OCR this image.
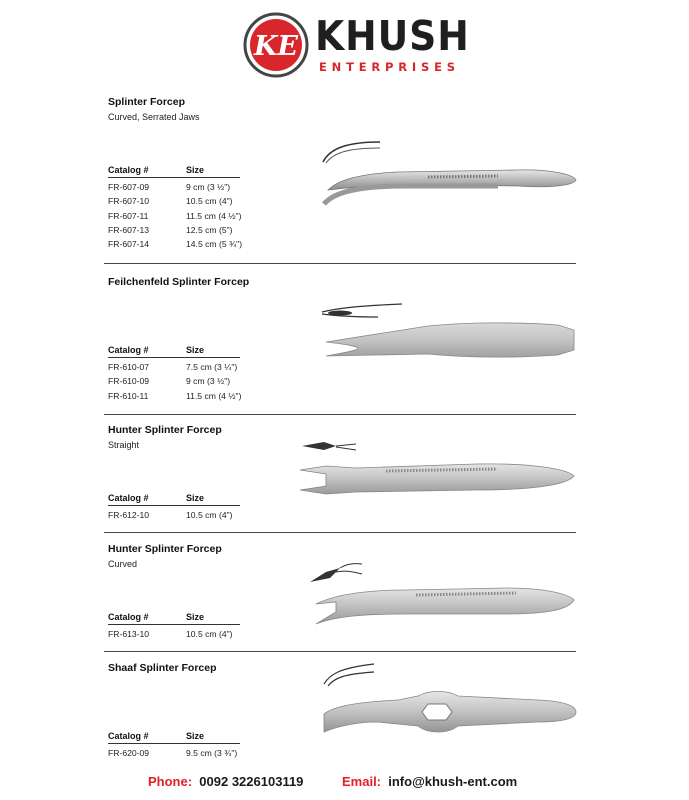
KE KHUSH
ENTERPRISES
Splinter Forcep
Curved, Serrated Jaws
Catalog #	Size
FR-607-09	9 cm (3 ½")
FR-607-10	10.5 cm (4")
FR-607-11	11.5 cm (4 ½")
FR-607-13	12.5 cm (5")
FR-607-14	14.5 cm (5 ¾")
Feilchenfeld Splinter Forcep
Catalog #	Size
FR-610-07	7.5 cm (3 ¼")
FR-610-09	9 cm (3 ½")
FR-610-11	11.5 cm (4 ½")
Hunter Splinter Forcep
Straight
Catalog #	Size
FR-612-10	10.5 cm (4")
Hunter Splinter Forcep
Curved
Catalog #	Size
FR-613-10	10.5 cm (4")
Shaaf Splinter Forcep
Catalog #	Size
FR-620-09	9.5 cm (3 ¾")
Phone: 0092 3226103119	Email: info@khush-ent.com
